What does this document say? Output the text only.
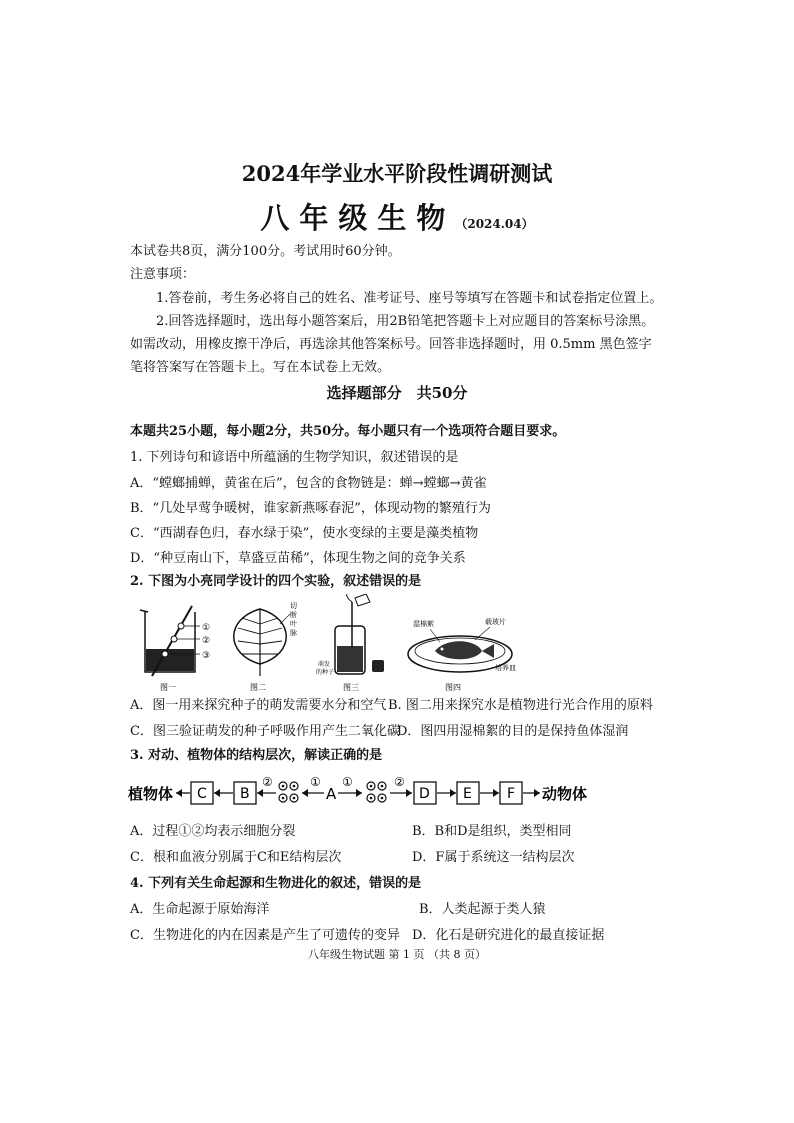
2024年学业水平阶段性调研测试
八年级生物（2024.04）
本试卷共8页，满分100分。考试用时60分钟。
注意事项：
1.答卷前，考生务必将自己的姓名、准考证号、座号等填写在答题卡和试卷指定位置上。
2.回答选择题时，选出每小题答案后，用2B铅笔把答题卡上对应题目的答案标号涂黑。
如需改动，用橡皮擦干净后，再选涂其他答案标号。回答非选择题时，用 0.5mm 黑色签字
笔将答案写在答题卡上。写在本试卷上无效。
选择题部分　共50分
本题共25小题，每小题2分，共50分。每小题只有一个选项符合题目要求。
1. 下列诗句和谚语中所蕴涵的生物学知识，叙述错误的是
A．“螳螂捕蝉，黄雀在后”，包含的食物链是：蝉→螳螂→黄雀
B．“几处早莺争暖树，谁家新燕啄春泥”，体现动物的繁殖行为
C．“西湖春色归，春水绿于染”，使水变绿的主要是藻类植物
D．“种豆南山下，草盛豆苗稀”，体现生物之间的竞争关系
2. 下图为小亮同学设计的四个实验，叙述错误的是
①
②
③
图一
切
断
叶
脉
图二
萌发
的种子
图三
湿棉絮	载玻片
培养皿
图四
A．图一用来探究种子的萌发需要水分和空气 B. 图二用来探究水是植物进行光合作用的原料
C．图三验证萌发的种子呼吸作用产生二氧化碳
D．图四用湿棉絮的目的是保持鱼体湿润
3. 对动、植物体的结构层次，解读正确的是
植物体 C B
②	①
A
①	②
D E	F 动物体
A．过程①②均表示细胞分裂	B．B和D是组织，类型相同
C．根和血液分别属于C和E结构层次	D．F属于系统这一结构层次
4. 下列有关生命起源和生物进化的叙述，错误的是
A．生命起源于原始海洋	B．人类起源于类人猿
C．生物进化的内在因素是产生了可遗传的变异 D．化石是研究进化的最直接证据
八年级生物试题 第 1 页 （共 8 页）
